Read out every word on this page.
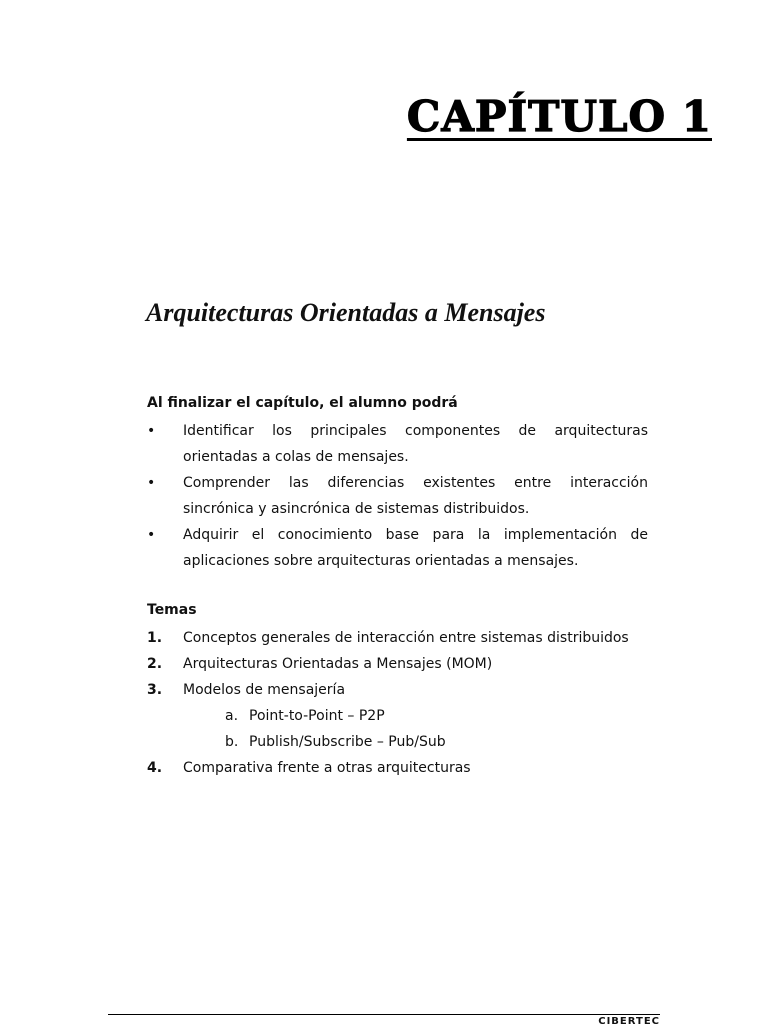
CAPÍTULO 1
Arquitecturas Orientadas a Mensajes
Al finalizar el capítulo, el alumno podrá
• Identificar los principales componentes de arquitecturas orientadas a colas de mensajes.
• Comprender las diferencias existentes entre interacción sincrónica y asincrónica de sistemas distribuidos.
• Adquirir el conocimiento base para la implementación de aplicaciones sobre arquitecturas orientadas a mensajes.
Temas
1. Conceptos generales de interacción entre sistemas distribuidos
2. Arquitecturas Orientadas a Mensajes (MOM)
3. Modelos de mensajería
a. Point-to-Point – P2P
b. Publish/Subscribe – Pub/Sub
4. Comparativa frente a otras arquitecturas
CIBERTEC
